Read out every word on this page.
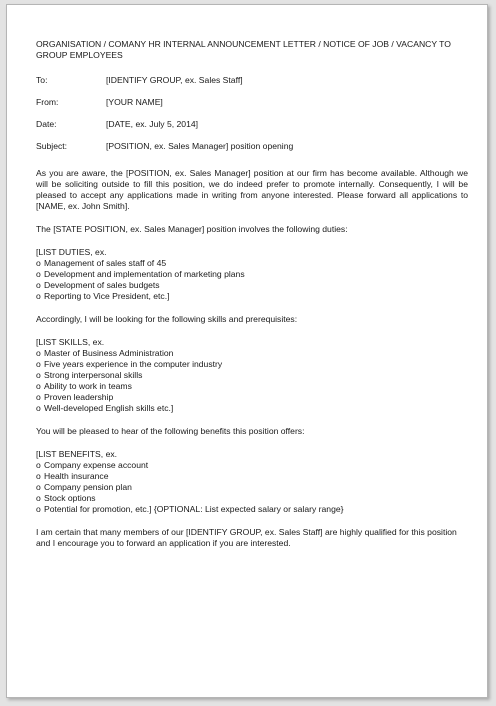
ORGANISATION / COMANY HR INTERNAL ANNOUNCEMENT LETTER / NOTICE OF JOB / VACANCY TO GROUP EMPLOYEES
To:	[IDENTIFY GROUP, ex. Sales Staff]
From:	[YOUR NAME]
Date:	[DATE, ex. July 5, 2014]
Subject:	[POSITION, ex. Sales Manager] position opening

As you are aware, the [POSITION, ex. Sales Manager] position at our firm has become available. Although we will be soliciting outside to fill this position, we do indeed prefer to promote internally. Consequently, I will be pleased to accept any applications made in writing from anyone interested. Please forward all applications to [NAME, ex. John Smith].

The [STATE POSITION, ex. Sales Manager] position involves the following duties:

[LIST DUTIES, ex.
o Management of sales staff of 45
o Development and implementation of marketing plans
o Development of sales budgets
o Reporting to Vice President, etc.]

Accordingly, I will be looking for the following skills and prerequisites:

[LIST SKILLS, ex.
o Master of Business Administration
o Five years experience in the computer industry
o Strong interpersonal skills
o Ability to work in teams
o Proven leadership
o Well-developed English skills etc.]

You will be pleased to hear of the following benefits this position offers:

[LIST BENEFITS, ex.
o Company expense account
o Health insurance
o Company pension plan
o Stock options
o Potential for promotion, etc.] {OPTIONAL: List expected salary or salary range}

I am certain that many members of our [IDENTIFY GROUP, ex. Sales Staff] are highly qualified for this position and I encourage you to forward an application if you are interested.
